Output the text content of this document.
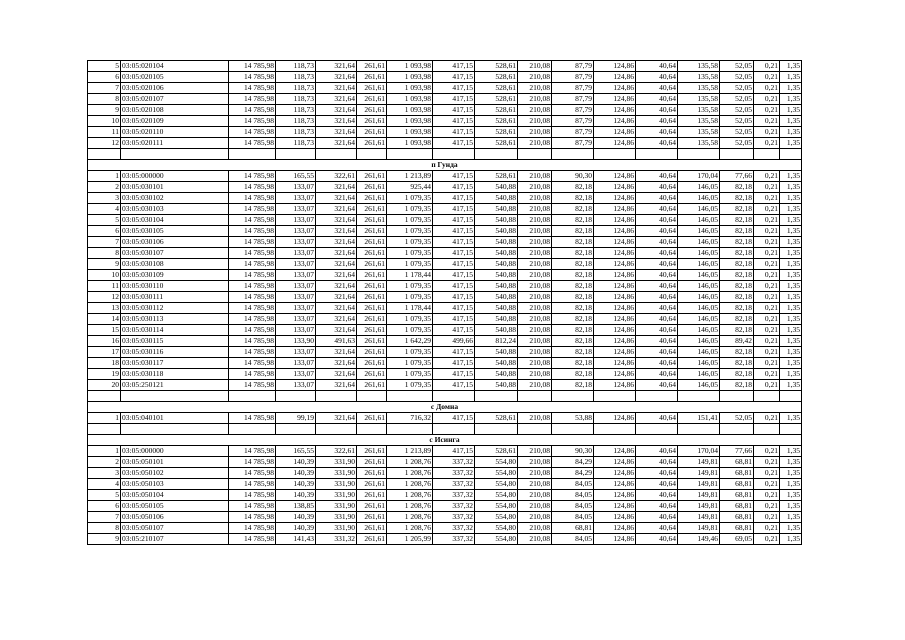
5	03:05:020104	14 785,98	118,73	321,64	261,61	1 093,98	417,15	528,61	210,08	87,79	124,86	40,64	135,58	52,05	0,21	1,35
6	03:05:020105	14 785,98	118,73	321,64	261,61	1 093,98	417,15	528,61	210,08	87,79	124,86	40,64	135,58	52,05	0,21	1,35
7	03:05:020106	14 785,98	118,73	321,64	261,61	1 093,98	417,15	528,61	210,08	87,79	124,86	40,64	135,58	52,05	0,21	1,35
8	03:05:020107	14 785,98	118,73	321,64	261,61	1 093,98	417,15	528,61	210,08	87,79	124,86	40,64	135,58	52,05	0,21	1,35
9	03:05:020108	14 785,98	118,73	321,64	261,61	1 093,98	417,15	528,61	210,08	87,79	124,86	40,64	135,58	52,05	0,21	1,35
10	03:05:020109	14 785,98	118,73	321,64	261,61	1 093,98	417,15	528,61	210,08	87,79	124,86	40,64	135,58	52,05	0,21	1,35
11	03:05:020110	14 785,98	118,73	321,64	261,61	1 093,98	417,15	528,61	210,08	87,79	124,86	40,64	135,58	52,05	0,21	1,35
12	03:05:020111	14 785,98	118,73	321,64	261,61	1 093,98	417,15	528,61	210,08	87,79	124,86	40,64	135,58	52,05	0,21	1,35

п Гунда																
1	03:05:000000	14 785,98	165,55	322,61	261,61	1 213,89	417,15	528,61	210,08	90,30	124,86	40,64	170,04	77,66	0,21	1,35
2	03:05:030101	14 785,98	133,07	321,64	261,61	925,44	417,15	540,88	210,08	82,18	124,86	40,64	146,05	82,18	0,21	1,35
3	03:05:030102	14 785,98	133,07	321,64	261,61	1 079,35	417,15	540,88	210,08	82,18	124,86	40,64	146,05	82,18	0,21	1,35
4	03:05:030103	14 785,98	133,07	321,64	261,61	1 079,35	417,15	540,88	210,08	82,18	124,86	40,64	146,05	82,18	0,21	1,35
5	03:05:030104	14 785,98	133,07	321,64	261,61	1 079,35	417,15	540,88	210,08	82,18	124,86	40,64	146,05	82,18	0,21	1,35
6	03:05:030105	14 785,98	133,07	321,64	261,61	1 079,35	417,15	540,88	210,08	82,18	124,86	40,64	146,05	82,18	0,21	1,35
7	03:05:030106	14 785,98	133,07	321,64	261,61	1 079,35	417,15	540,88	210,08	82,18	124,86	40,64	146,05	82,18	0,21	1,35
8	03:05:030107	14 785,98	133,07	321,64	261,61	1 079,35	417,15	540,88	210,08	82,18	124,86	40,64	146,05	82,18	0,21	1,35
9	03:05:030108	14 785,98	133,07	321,64	261,61	1 079,35	417,15	540,88	210,08	82,18	124,86	40,64	146,05	82,18	0,21	1,35
10	03:05:030109	14 785,98	133,07	321,64	261,61	1 178,44	417,15	540,88	210,08	82,18	124,86	40,64	146,05	82,18	0,21	1,35
11	03:05:030110	14 785,98	133,07	321,64	261,61	1 079,35	417,15	540,88	210,08	82,18	124,86	40,64	146,05	82,18	0,21	1,35
12	03:05:030111	14 785,98	133,07	321,64	261,61	1 079,35	417,15	540,88	210,08	82,18	124,86	40,64	146,05	82,18	0,21	1,35
13	03:05:030112	14 785,98	133,07	321,64	261,61	1 178,44	417,15	540,88	210,08	82,18	124,86	40,64	146,05	82,18	0,21	1,35
14	03:05:030113	14 785,98	133,07	321,64	261,61	1 079,35	417,15	540,88	210,08	82,18	124,86	40,64	146,05	82,18	0,21	1,35
15	03:05:030114	14 785,98	133,07	321,64	261,61	1 079,35	417,15	540,88	210,08	82,18	124,86	40,64	146,05	82,18	0,21	1,35
16	03:05:030115	14 785,98	133,90	491,63	261,61	1 642,29	499,66	812,24	210,08	82,18	124,86	40,64	146,05	89,42	0,21	1,35
17	03:05:030116	14 785,98	133,07	321,64	261,61	1 079,35	417,15	540,88	210,08	82,18	124,86	40,64	146,05	82,18	0,21	1,35
18	03:05:030117	14 785,98	133,07	321,64	261,61	1 079,35	417,15	540,88	210,08	82,18	124,86	40,64	146,05	82,18	0,21	1,35
19	03:05:030118	14 785,98	133,07	321,64	261,61	1 079,35	417,15	540,88	210,08	82,18	124,86	40,64	146,05	82,18	0,21	1,35
20	03:05:250121	14 785,98	133,07	321,64	261,61	1 079,35	417,15	540,88	210,08	82,18	124,86	40,64	146,05	82,18	0,21	1,35

с Домна																
1	03:05:040101	14 785,98	99,19	321,64	261,61	716,32	417,15	528,61	210,08	53,88	124,86	40,64	151,41	52,05	0,21	1,35

с Исинга																
1	03:05:000000	14 785,98	165,55	322,61	261,61	1 213,89	417,15	528,61	210,08	90,30	124,86	40,64	170,04	77,66	0,21	1,35
2	03:05:050101	14 785,98	140,39	331,90	261,61	1 208,76	337,32	554,80	210,08	84,29	124,86	40,64	149,81	68,81	0,21	1,35
3	03:05:050102	14 785,98	140,39	331,90	261,61	1 208,76	337,32	554,80	210,08	84,29	124,86	40,64	149,81	68,81	0,21	1,35
4	03:05:050103	14 785,98	140,39	331,90	261,61	1 208,76	337,32	554,80	210,08	84,05	124,86	40,64	149,81	68,81	0,21	1,35
5	03:05:050104	14 785,98	140,39	331,90	261,61	1 208,76	337,32	554,80	210,08	84,05	124,86	40,64	149,81	68,81	0,21	1,35
6	03:05:050105	14 785,98	138,85	331,90	261,61	1 208,76	337,32	554,80	210,08	84,05	124,86	40,64	149,81	68,81	0,21	1,35
7	03:05:050106	14 785,98	140,39	331,90	261,61	1 208,76	337,32	554,80	210,08	84,05	124,86	40,64	149,81	68,81	0,21	1,35
8	03:05:050107	14 785,98	140,39	331,90	261,61	1 208,76	337,32	554,80	210,08	68,81	124,86	40,64	149,81	68,81	0,21	1,35
9	03:05:210107	14 785,98	141,43	331,32	261,61	1 205,99	337,32	554,80	210,08	84,05	124,86	40,64	149,46	69,05	0,21	1,35
